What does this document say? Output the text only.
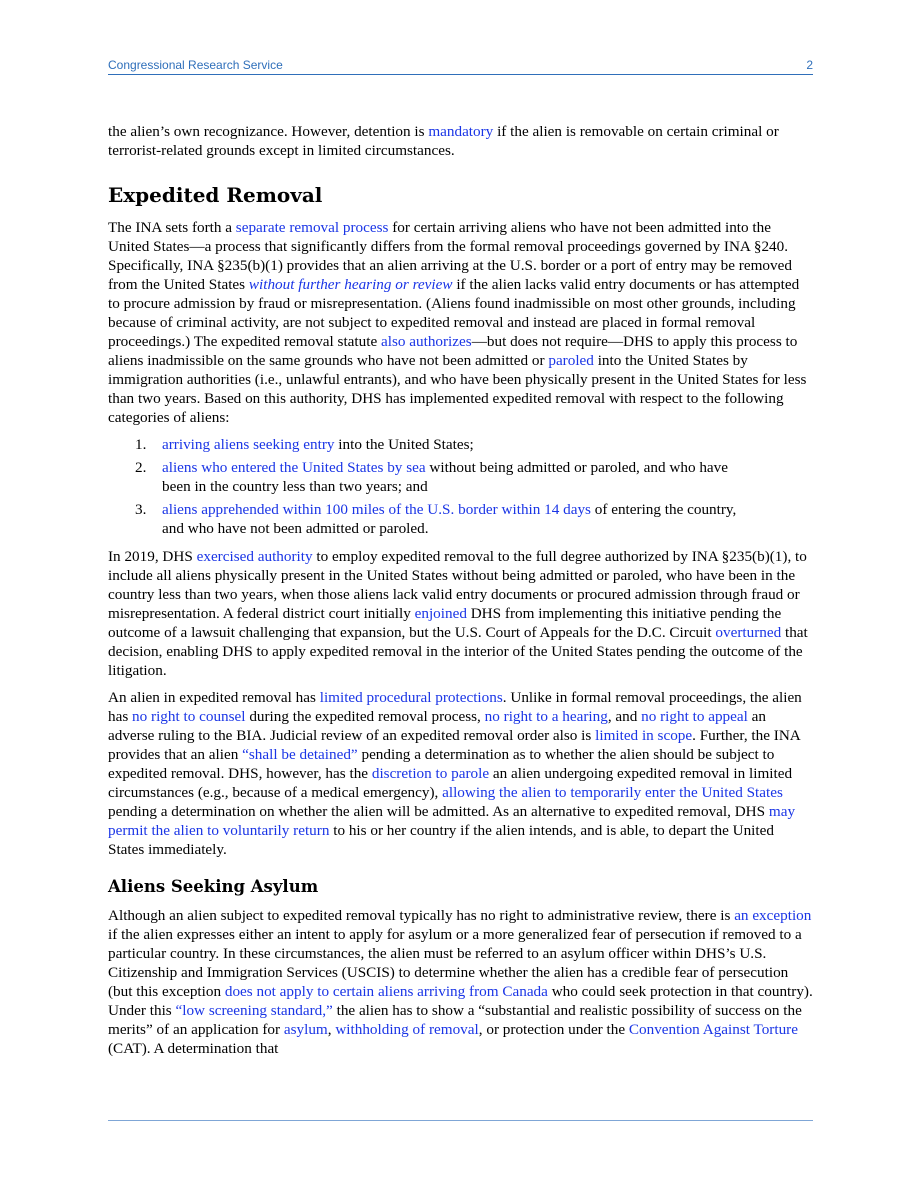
Congressional Research Service	2

the alien’s own recognizance. However, detention is mandatory if the alien is removable on certain criminal or terrorist-related grounds except in limited circumstances.

Expedited Removal

The INA sets forth a separate removal process for certain arriving aliens who have not been admitted into the United States—a process that significantly differs from the formal removal proceedings governed by INA §240. Specifically, INA §235(b)(1) provides that an alien arriving at the U.S. border or a port of entry may be removed from the United States without further hearing or review if the alien lacks valid entry documents or has attempted to procure admission by fraud or misrepresentation. (Aliens found inadmissible on most other grounds, including because of criminal activity, are not subject to expedited removal and instead are placed in formal removal proceedings.) The expedited removal statute also authorizes—but does not require—DHS to apply this process to aliens inadmissible on the same grounds who have not been admitted or paroled into the United States by immigration authorities (i.e., unlawful entrants), and who have been physically present in the United States for less than two years. Based on this authority, DHS has implemented expedited removal with respect to the following categories of aliens:

1. arriving aliens seeking entry into the United States;
2. aliens who entered the United States by sea without being admitted or paroled, and who have been in the country less than two years; and
3. aliens apprehended within 100 miles of the U.S. border within 14 days of entering the country, and who have not been admitted or paroled.

In 2019, DHS exercised authority to employ expedited removal to the full degree authorized by INA §235(b)(1), to include all aliens physically present in the United States without being admitted or paroled, who have been in the country less than two years, when those aliens lack valid entry documents or procured admission through fraud or misrepresentation. A federal district court initially enjoined DHS from implementing this initiative pending the outcome of a lawsuit challenging that expansion, but the U.S. Court of Appeals for the D.C. Circuit overturned that decision, enabling DHS to apply expedited removal in the interior of the United States pending the outcome of the litigation.

An alien in expedited removal has limited procedural protections. Unlike in formal removal proceedings, the alien has no right to counsel during the expedited removal process, no right to a hearing, and no right to appeal an adverse ruling to the BIA. Judicial review of an expedited removal order also is limited in scope. Further, the INA provides that an alien “shall be detained” pending a determination as to whether the alien should be subject to expedited removal. DHS, however, has the discretion to parole an alien undergoing expedited removal in limited circumstances (e.g., because of a medical emergency), allowing the alien to temporarily enter the United States pending a determination on whether the alien will be admitted. As an alternative to expedited removal, DHS may permit the alien to voluntarily return to his or her country if the alien intends, and is able, to depart the United States immediately.

Aliens Seeking Asylum

Although an alien subject to expedited removal typically has no right to administrative review, there is an exception if the alien expresses either an intent to apply for asylum or a more generalized fear of persecution if removed to a particular country. In these circumstances, the alien must be referred to an asylum officer within DHS’s U.S. Citizenship and Immigration Services (USCIS) to determine whether the alien has a credible fear of persecution (but this exception does not apply to certain aliens arriving from Canada who could seek protection in that country). Under this “low screening standard,” the alien has to show a “substantial and realistic possibility of success on the merits” of an application for asylum, withholding of removal, or protection under the Convention Against Torture (CAT). A determination that
